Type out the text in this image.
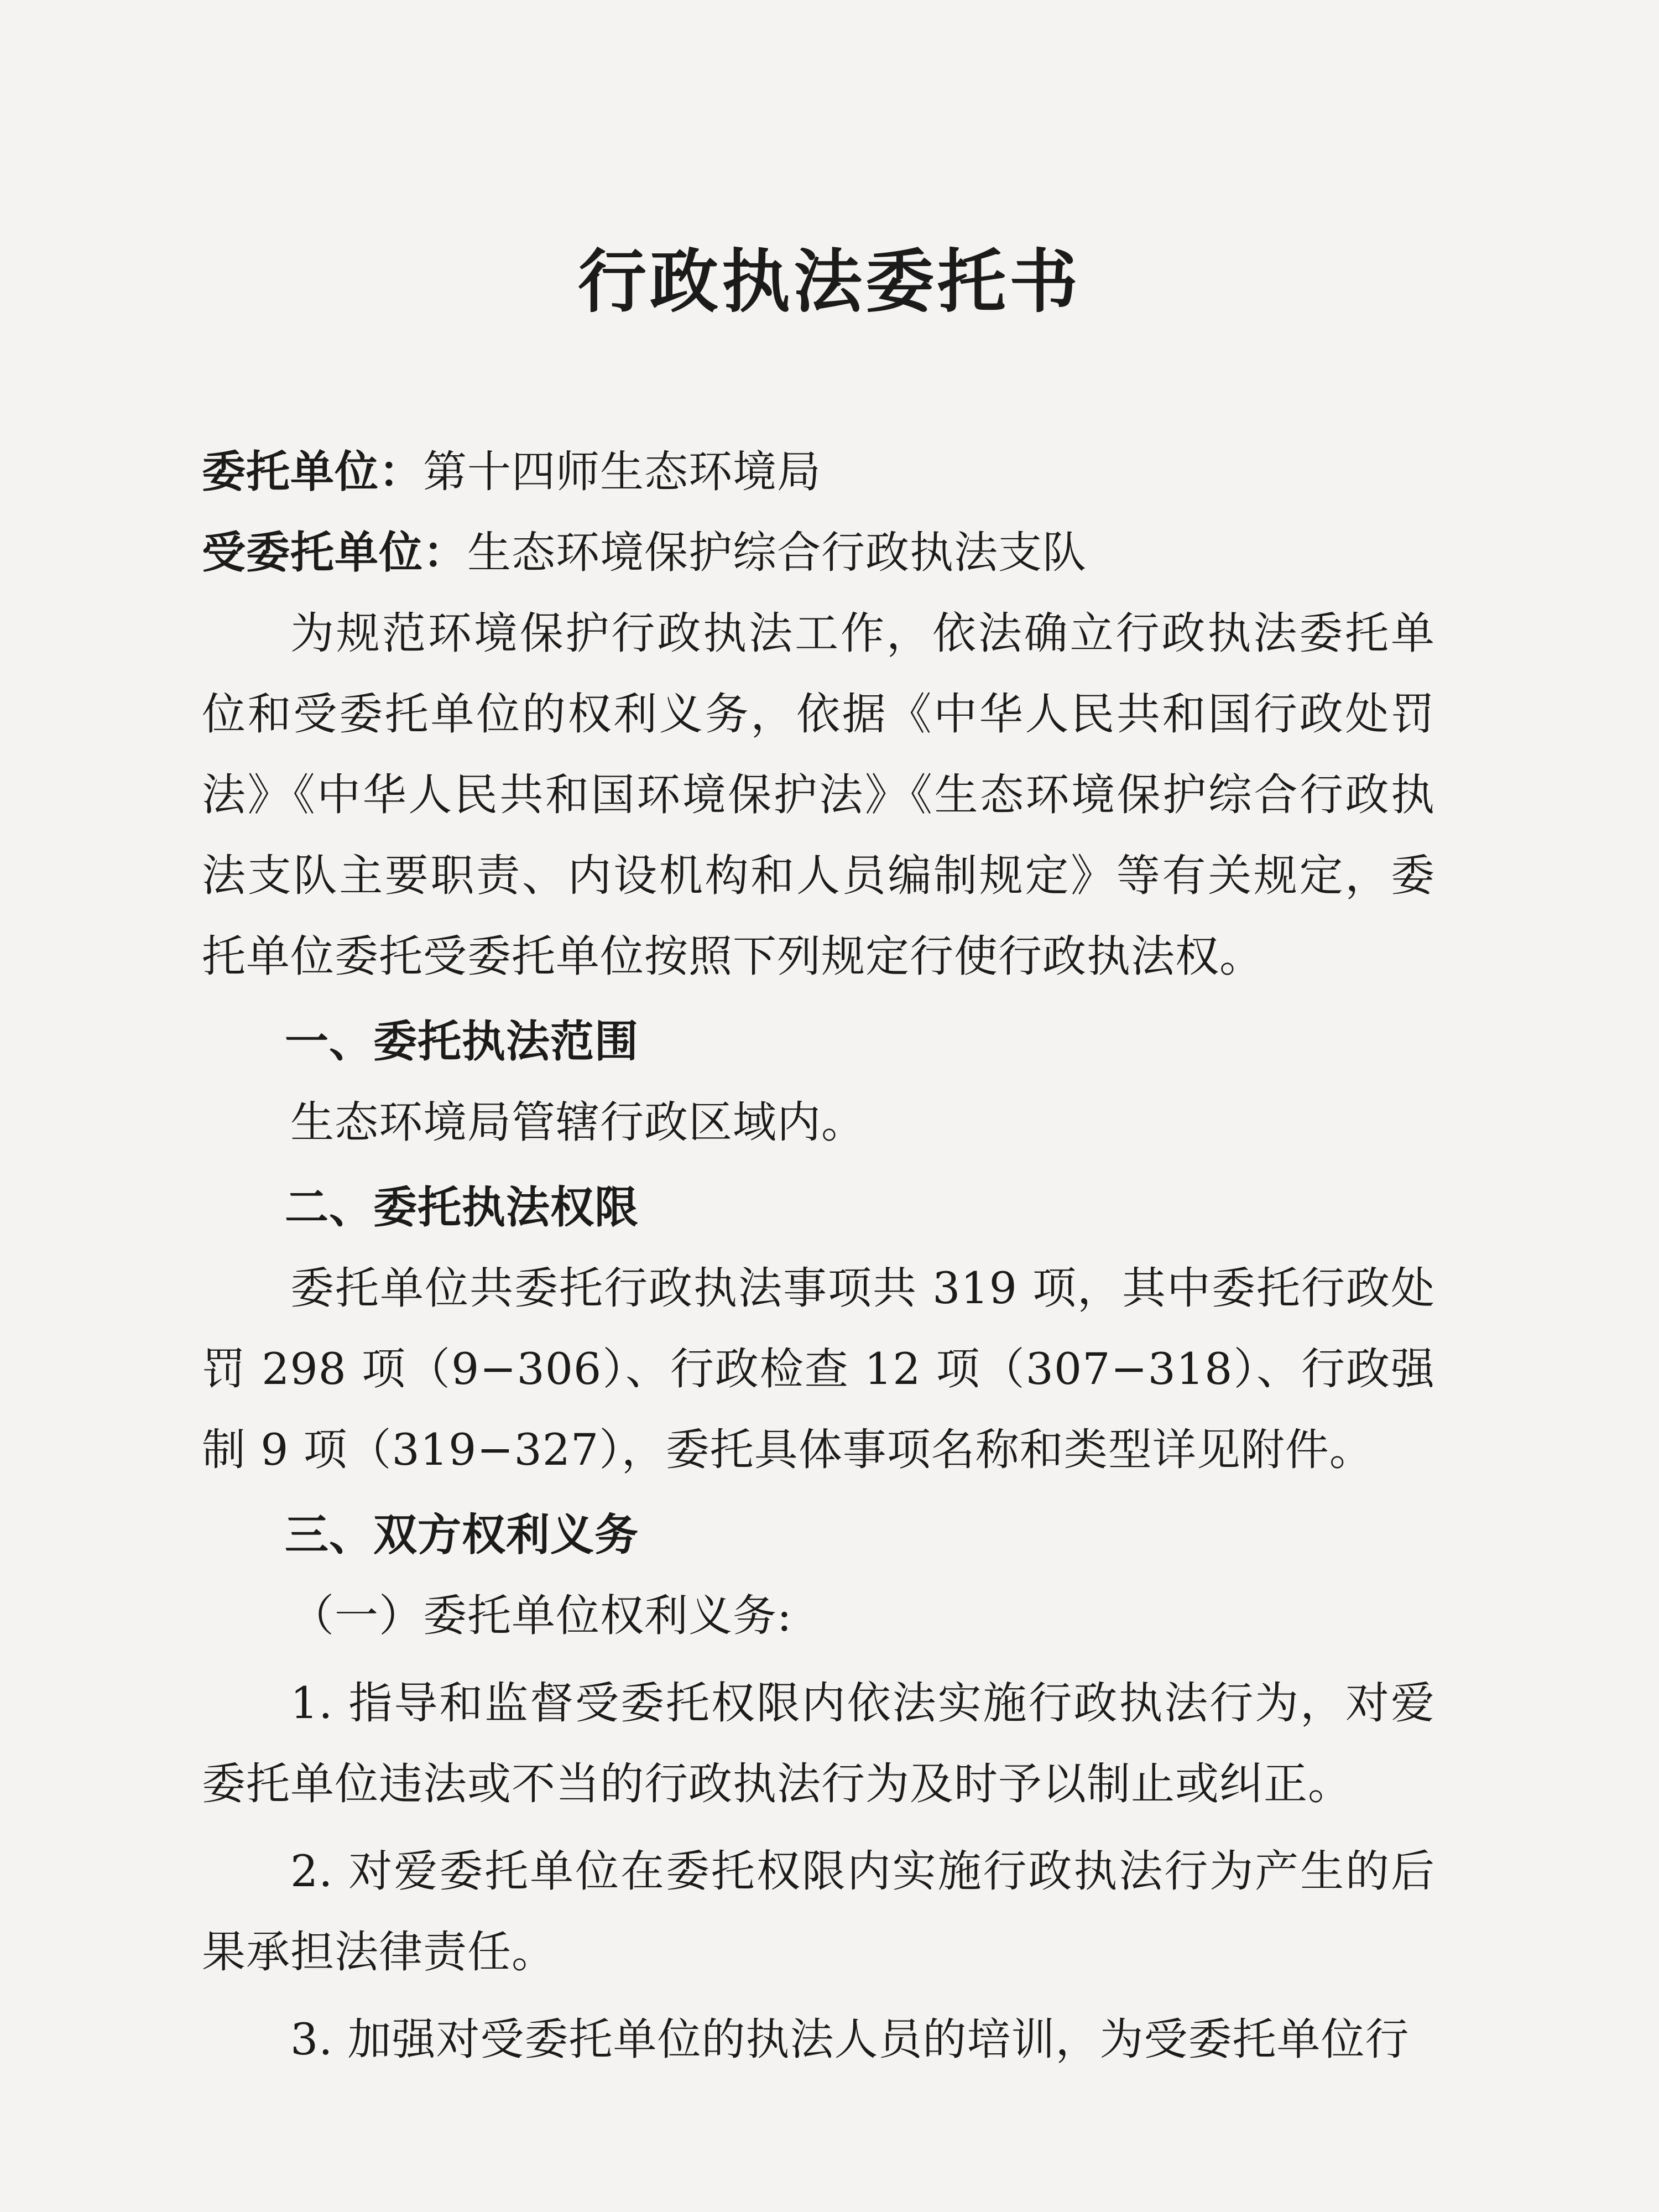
行政执法委托书

委托单位：第十四师生态环境局

受委托单位：生态环境保护综合行政执法支队

为规范环境保护行政执法工作，依法确立行政执法委托单位和受委托单位的权利义务，依据《中华人民共和国行政处罚法》《中华人民共和国环境保护法》《生态环境保护综合行政执法支队主要职责、内设机构和人员编制规定》等有关规定，委托单位委托受委托单位按照下列规定行使行政执法权。

一、委托执法范围

生态环境局管辖行政区域内。

二、委托执法权限

委托单位共委托行政执法事项共 319 项，其中委托行政处罚 298 项（9−306）、行政检查 12 项（307−318）、行政强制 9 项（319−327），委托具体事项名称和类型详见附件。

三、双方权利义务

（一）委托单位权利义务:

1. 指导和监督受委托权限内依法实施行政执法行为，对爱委托单位违法或不当的行政执法行为及时予以制止或纠正。

2. 对爱委托单位在委托权限内实施行政执法行为产生的后果承担法律责任。

3. 加强对受委托单位的执法人员的培训，为受委托单位行
